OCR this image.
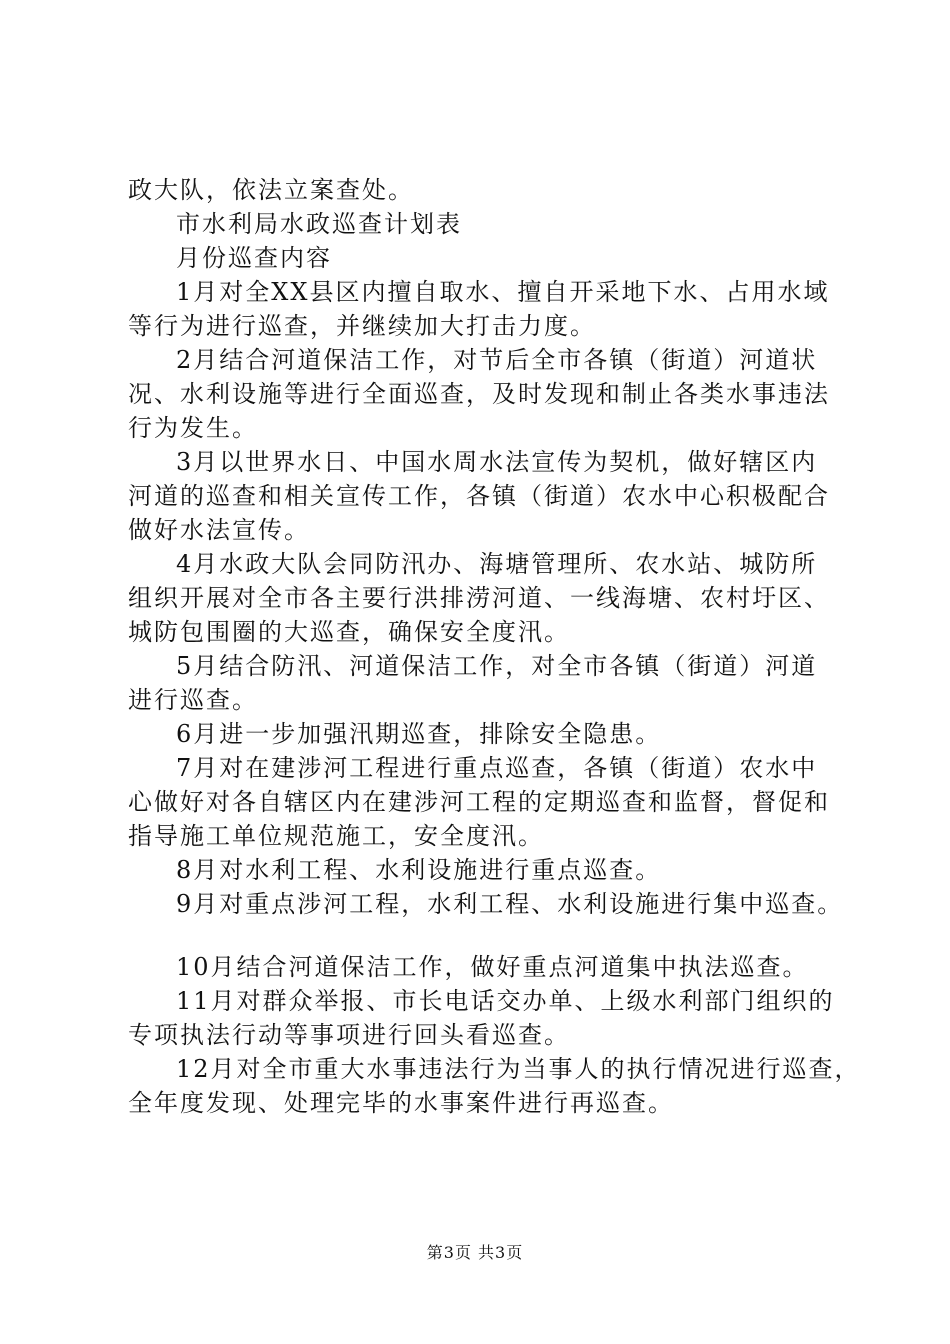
政大队，依法立案查处。
市水利局水政巡查计划表
月份巡查内容
1月对全XX县区内擅自取水、擅自开采地下水、占用水域
等行为进行巡查，并继续加大打击力度。
2月结合河道保洁工作，对节后全市各镇（街道）河道状
况、水利设施等进行全面巡查，及时发现和制止各类水事违法
行为发生。
3月以世界水日、中国水周水法宣传为契机，做好辖区内
河道的巡查和相关宣传工作，各镇（街道）农水中心积极配合
做好水法宣传。
4月水政大队会同防汛办、海塘管理所、农水站、城防所
组织开展对全市各主要行洪排涝河道、一线海塘、农村圩区、
城防包围圈的大巡查，确保安全度汛。
5月结合防汛、河道保洁工作，对全市各镇（街道）河道
进行巡查。
6月进一步加强汛期巡查，排除安全隐患。
7月对在建涉河工程进行重点巡查，各镇（街道）农水中
心做好对各自辖区内在建涉河工程的定期巡查和监督，督促和
指导施工单位规范施工，安全度汛。
8月对水利工程、水利设施进行重点巡查。
9月对重点涉河工程，水利工程、水利设施进行集中巡查。
10月结合河道保洁工作，做好重点河道集中执法巡查。
11月对群众举报、市长电话交办单、上级水利部门组织的
专项执法行动等事项进行回头看巡查。
12月对全市重大水事违法行为当事人的执行情况进行巡查，
全年度发现、处理完毕的水事案件进行再巡查。
第3页 共3页
